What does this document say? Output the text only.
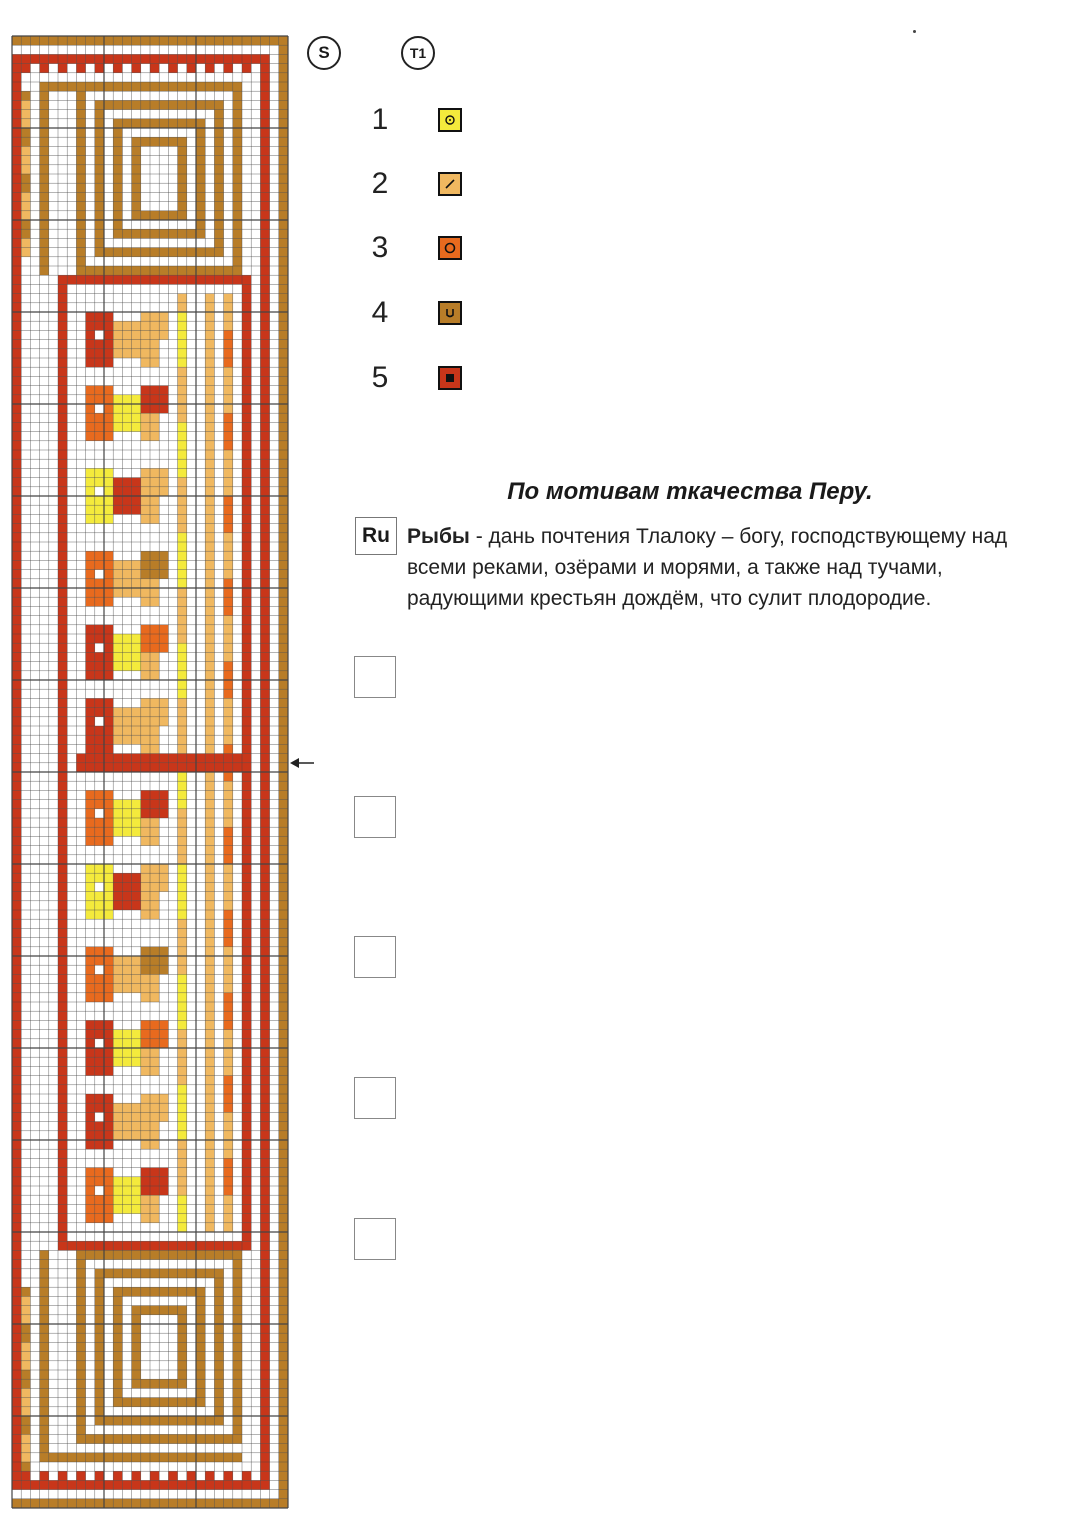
S	T1
1
2
3
4
5
По мотивам ткачества Перу.
Ru Рыбы - дань почтения Тлалоку – богу, господствующему над всеми реками, озёрами и морями, а также над тучами, радующими крестьян дождём, что сулит плодородие.
